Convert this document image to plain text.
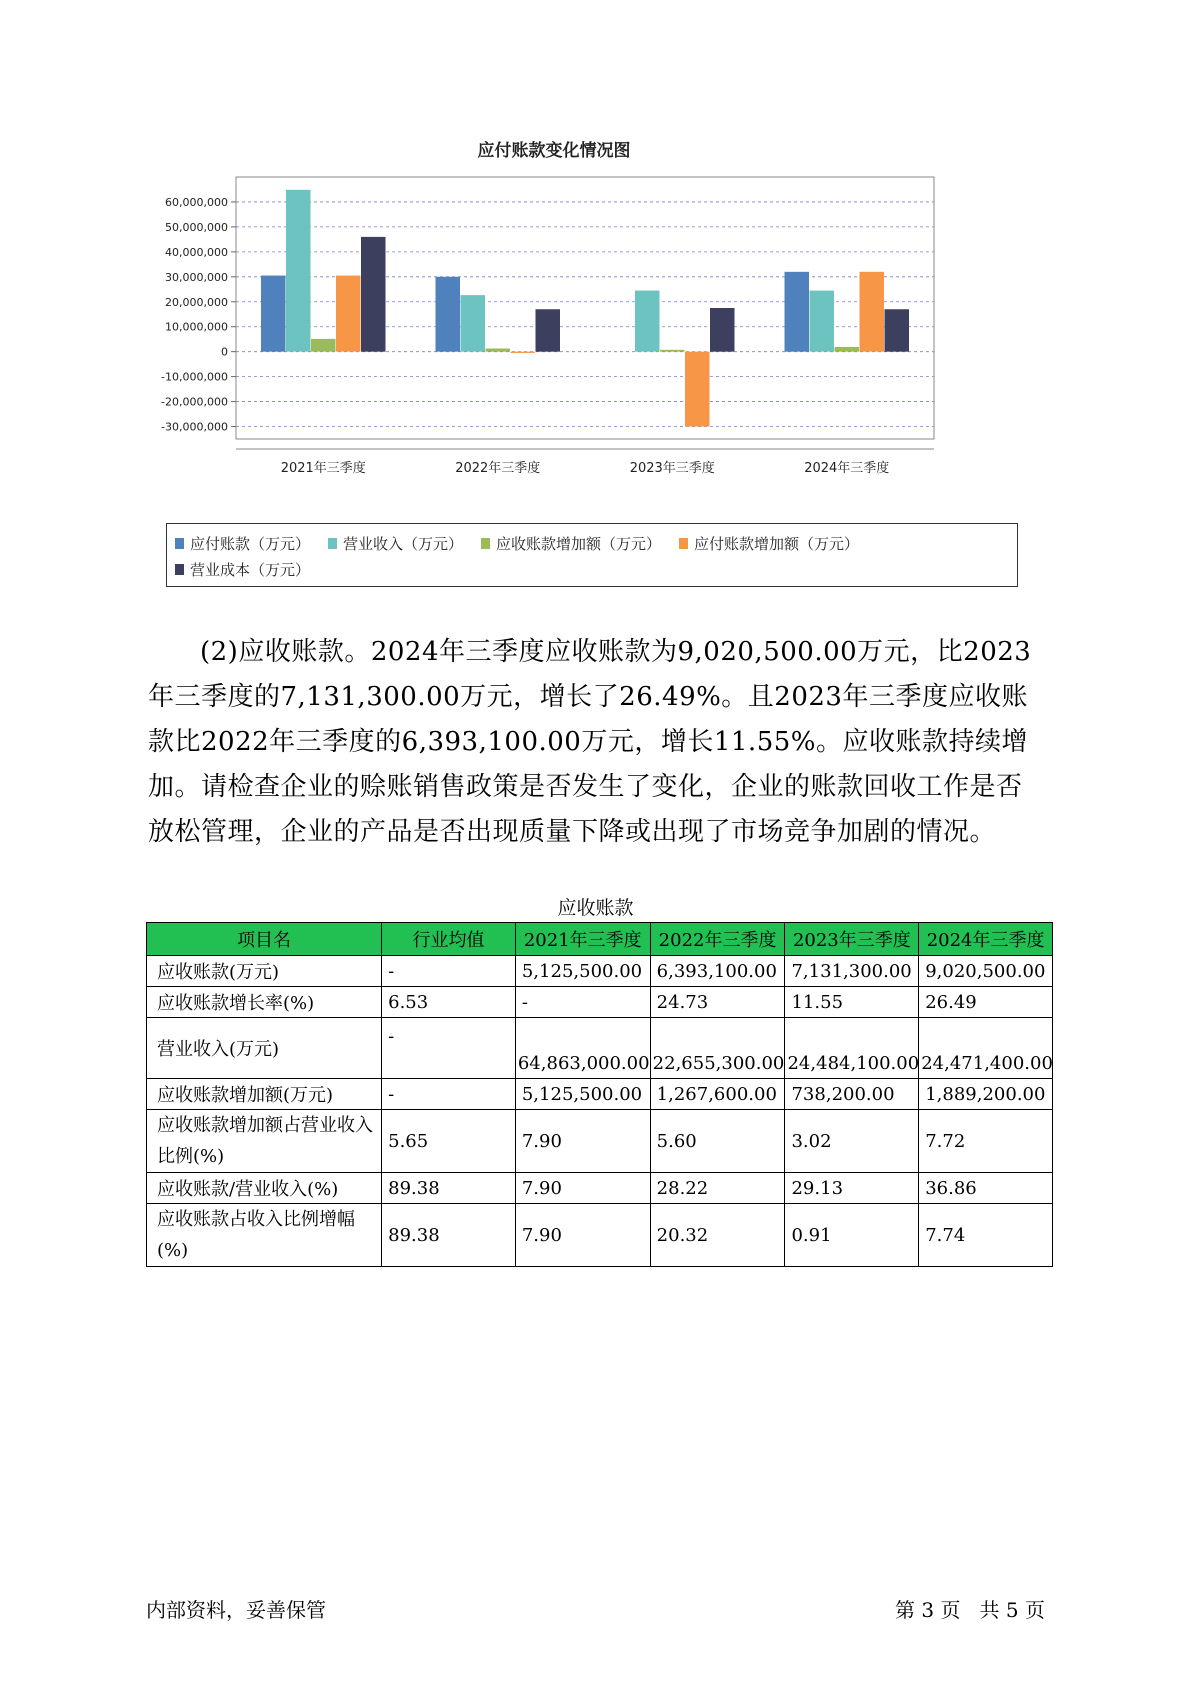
应付账款变化情况图
60,000,000
50,000,000
40,000,000
30,000,000
20,000,000
10,000,000
0
-10,000,000
-20,000,000
-30,000,000
2021年三季度	2022年三季度	2023年三季度	2024年三季度
应付账款（万元） 营业收入（万元） 应收账款增加额（万元） 应付账款增加额（万元）
营业成本（万元）

(2)应收账款。2024年三季度应收账款为9,020,500.00万元，比2023年三季度的7,131,300.00万元，增长了26.49%。且2023年三季度应收账款比2022年三季度的6,393,100.00万元，增长11.55%。应收账款持续增加。请检查企业的赊账销售政策是否发生了变化，企业的账款回收工作是否放松管理，企业的产品是否出现质量下降或出现了市场竞争加剧的情况。

应收账款
项目名	行业均值	2021年三季度	2022年三季度	2023年三季度	2024年三季度
应收账款(万元)	-	5,125,500.00	6,393,100.00	7,131,300.00	9,020,500.00
应收账款增长率(%)	6.53	-	24.73	11.55	26.49
营业收入(万元)	-	64,863,000.00	22,655,300.00	24,484,100.00	24,471,400.00
应收账款增加额(万元)	-	5,125,500.00	1,267,600.00	738,200.00	1,889,200.00
应收账款增加额占营业收入比例(%)	5.65	7.90	5.60	3.02	7.72
应收账款/营业收入(%)	89.38	7.90	28.22	29.13	36.86
应收账款占收入比例增幅(%)	89.38	7.90	20.32	0.91	7.74
内部资料，妥善保管	第 3 页   共 5 页
